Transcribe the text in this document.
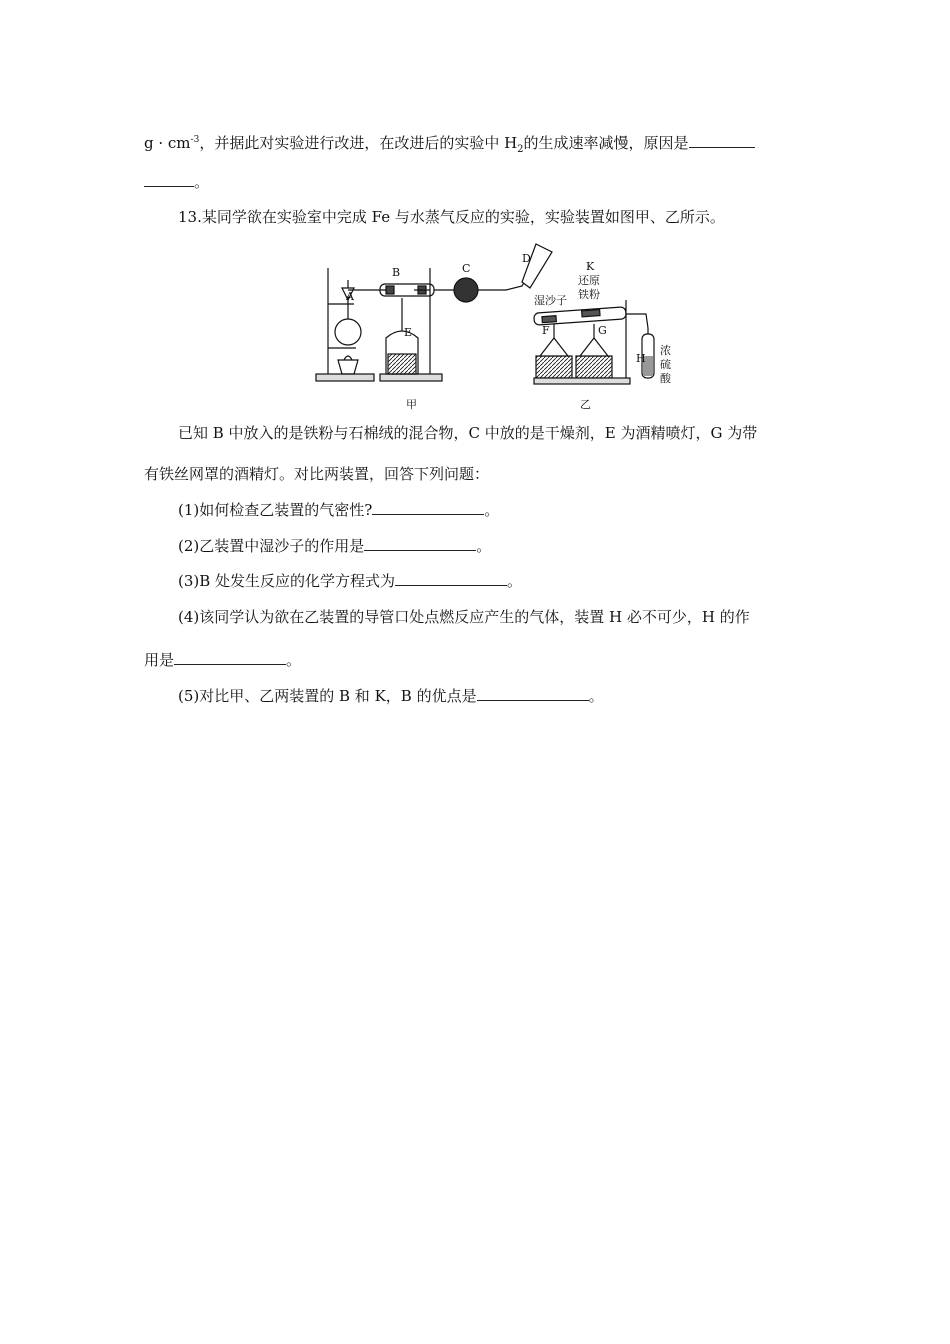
$g \cdot cm^{-3}$，并据此对实验进行改进，在改进后的实验中 $H_2$的生成速率减慢，原因是
。
13.某同学欲在实验室中完成 Fe 与水蒸气反应的实验，实验装置如图甲、乙所示。
A
B	C
D
E	F	G
H
K
湿沙子
还原
铁粉
浓
硫
酸
甲	乙
已知 B 中放入的是铁粉与石棉绒的混合物，C 中放的是干燥剂，E 为酒精喷灯，G 为带
有铁丝网罩的酒精灯。对比两装置，回答下列问题：
(1)如何检查乙装置的气密性?	。
(2)乙装置中湿沙子的作用是	。
(3)B 处发生反应的化学方程式为	。
(4)该同学认为欲在乙装置的导管口处点燃反应产生的气体，装置 H 必不可少，H 的作
用是	。
(5)对比甲、乙两装置的 B 和 K，B 的优点是	。
